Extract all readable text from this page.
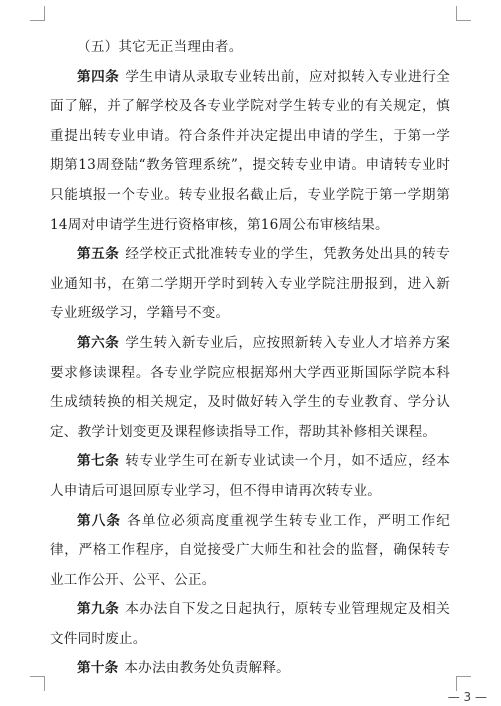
（五）其它无正当理由者。

第四条 学生申请从录取专业转出前，应对拟转入专业进行全面了解，并了解学校及各专业学院对学生转专业的有关规定，慎重提出转专业申请。符合条件并决定提出申请的学生，于第一学期第13周登陆“教务管理系统”，提交转专业申请。申请转专业时只能填报一个专业。转专业报名截止后，专业学院于第一学期第14周对申请学生进行资格审核，第16周公布审核结果。

第五条 经学校正式批准转专业的学生，凭教务处出具的转专业通知书，在第二学期开学时到转入专业学院注册报到，进入新专业班级学习，学籍号不变。

第六条 学生转入新专业后，应按照新转入专业人才培养方案要求修读课程。各专业学院应根据郑州大学西亚斯国际学院本科生成绩转换的相关规定，及时做好转入学生的专业教育、学分认定、教学计划变更及课程修读指导工作，帮助其补修相关课程。

第七条 转专业学生可在新专业试读一个月，如不适应，经本人申请后可退回原专业学习，但不得申请再次转专业。

第八条 各单位必须高度重视学生转专业工作，严明工作纪律，严格工作程序，自觉接受广大师生和社会的监督，确保转专业工作公开、公平、公正。

第九条 本办法自下发之日起执行，原转专业管理规定及相关文件同时废止。

第十条 本办法由教务处负责解释。

— 3 —
